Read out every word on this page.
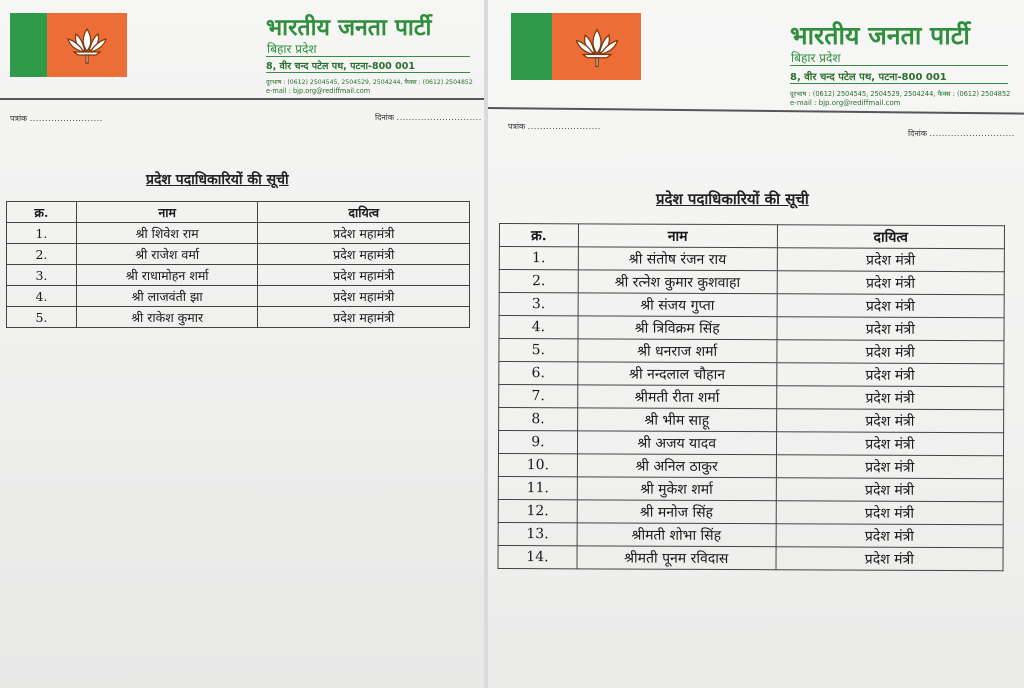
भारतीय जनता पार्टी
बिहार प्रदेश
8, वीर चन्द पटेल पथ, पटना-800 001
दूरभाष : (0612) 2504545, 2504529, 2504244, फैक्स : (0612) 2504852
e-mail : bjp.org@rediffmail.com
पत्रांक ........................	दिनांक ............................
प्रदेश पदाधिकारियों की सूची
क्र.	नाम	दायित्व
1.	श्री शिवेश राम	प्रदेश महामंत्री
2.	श्री राजेश वर्मा	प्रदेश महामंत्री
3.	श्री राधामोहन शर्मा	प्रदेश महामंत्री
4.	श्री लाजवंती झा	प्रदेश महामंत्री
5.	श्री राकेश कुमार	प्रदेश महामंत्री
भारतीय जनता पार्टी
बिहार प्रदेश
8, वीर चन्द पटेल पथ, पटना-800 001
दूरभाष : (0612) 2504545, 2504529, 2504244, फैक्स : (0612) 2504852
e-mail : bjp.org@rediffmail.com
पत्रांक ........................
दिनांक ............................
प्रदेश पदाधिकारियों की सूची
क्र.	नाम	दायित्व
1.	श्री संतोष रंजन राय	प्रदेश मंत्री
2.	श्री रत्नेश कुमार कुशवाहा	प्रदेश मंत्री
3.	श्री संजय गुप्ता	प्रदेश मंत्री
4.	श्री त्रिविक्रम सिंह	प्रदेश मंत्री
5.	श्री धनराज शर्मा	प्रदेश मंत्री
6.	श्री नन्दलाल चौहान	प्रदेश मंत्री
7.	श्रीमती रीता शर्मा	प्रदेश मंत्री
8.	श्री भीम साहू	प्रदेश मंत्री
9.	श्री अजय यादव	प्रदेश मंत्री
10.	श्री अनिल ठाकुर	प्रदेश मंत्री
11.	श्री मुकेश शर्मा	प्रदेश मंत्री
12.	श्री मनोज सिंह	प्रदेश मंत्री
13.	श्रीमती शोभा सिंह	प्रदेश मंत्री
14.	श्रीमती पूनम रविदास	प्रदेश मंत्री
